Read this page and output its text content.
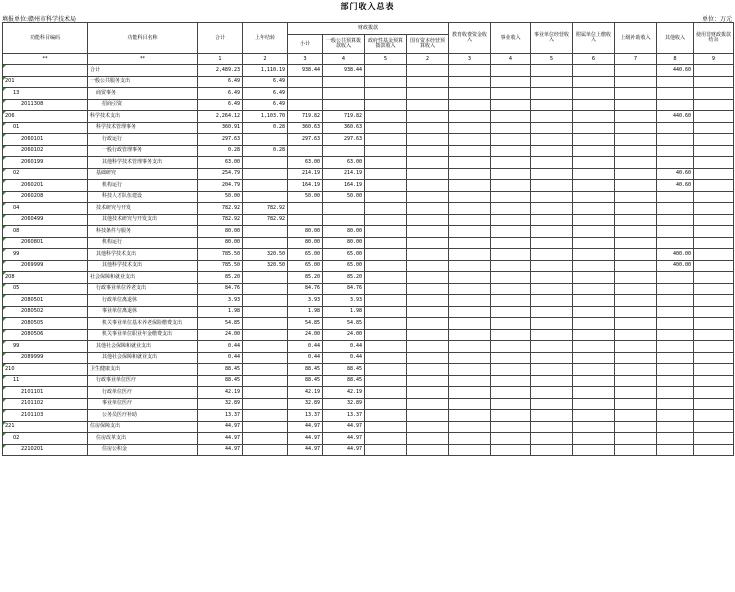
部门收入总表
填报单位:赣州市科学技术局	单位：万元
功能科目编码	功能科目名称	合计	上年结转	财政拨款				教育收费资金收入	事业收入	事业单位经营收入	附属单位上缴收入	上级补助收入	其他收入	使用非财政拨款结余
				小计	一般公共预算拨款收入	政府性基金预算拨款收入	国有资本经营预算收入							
**	**	1	2	3	4	5	2	3	4	5	6	7	8	9
	合计	2,489.23	1,110.19	938.44	938.44								440.60	
201	一般公共服务支出	6.49	6.49											
13	商贸事务	6.49	6.49											
2011308	招商引资	6.49	6.49											
206	科学技术支出	2,264.12	1,103.70	719.82	719.82								440.60	
01	科学技术管理事务	360.91	0.28	360.63	360.63									
2060101	行政运行	297.63		297.63	297.63									
2060102	一般行政管理事务	0.28	0.28											
2060199	其他科学技术管理事务支出	63.00		63.00	63.00									
02	基础研究	254.79		214.19	214.19								40.60	
2060201	机构运行	204.79		164.19	164.19								40.60	
2060208	科技人才队伍建设	50.00		50.00	50.00									
04	技术研究与开发	782.92	782.92											
2060499	其他技术研究与开发支出	782.92	782.92											
08	科技条件与服务	80.00		80.00	80.00									
2060801	机构运行	80.00		80.00	80.00									
99	其他科学技术支出	785.50	320.50	65.00	65.00								400.00	
2069999	其他科学技术支出	785.50	320.50	65.00	65.00								400.00	
208	社会保障和就业支出	85.20		85.20	85.20									
05	行政事业单位养老支出	84.76		84.76	84.76									
2080501	行政单位离退休	3.93		3.93	3.93									
2080502	事业单位离退休	1.98		1.98	1.98									
2080505	机关事业单位基本养老保险缴费支出	54.85		54.85	54.85									
2080506	机关事业单位职业年金缴费支出	24.00		24.00	24.00									
99	其他社会保障和就业支出	0.44		0.44	0.44									
2089999	其他社会保障和就业支出	0.44		0.44	0.44									
210	卫生健康支出	88.45		88.45	88.45									
11	行政事业单位医疗	88.45		88.45	88.45									
2101101	行政单位医疗	42.19		42.19	42.19									
2101102	事业单位医疗	32.89		32.89	32.89									
2101103	公务员医疗补助	13.37		13.37	13.37									
221	住房保障支出	44.97		44.97	44.97									
02	住房改革支出	44.97		44.97	44.97									
2210201	住房公积金	44.97		44.97	44.97									
